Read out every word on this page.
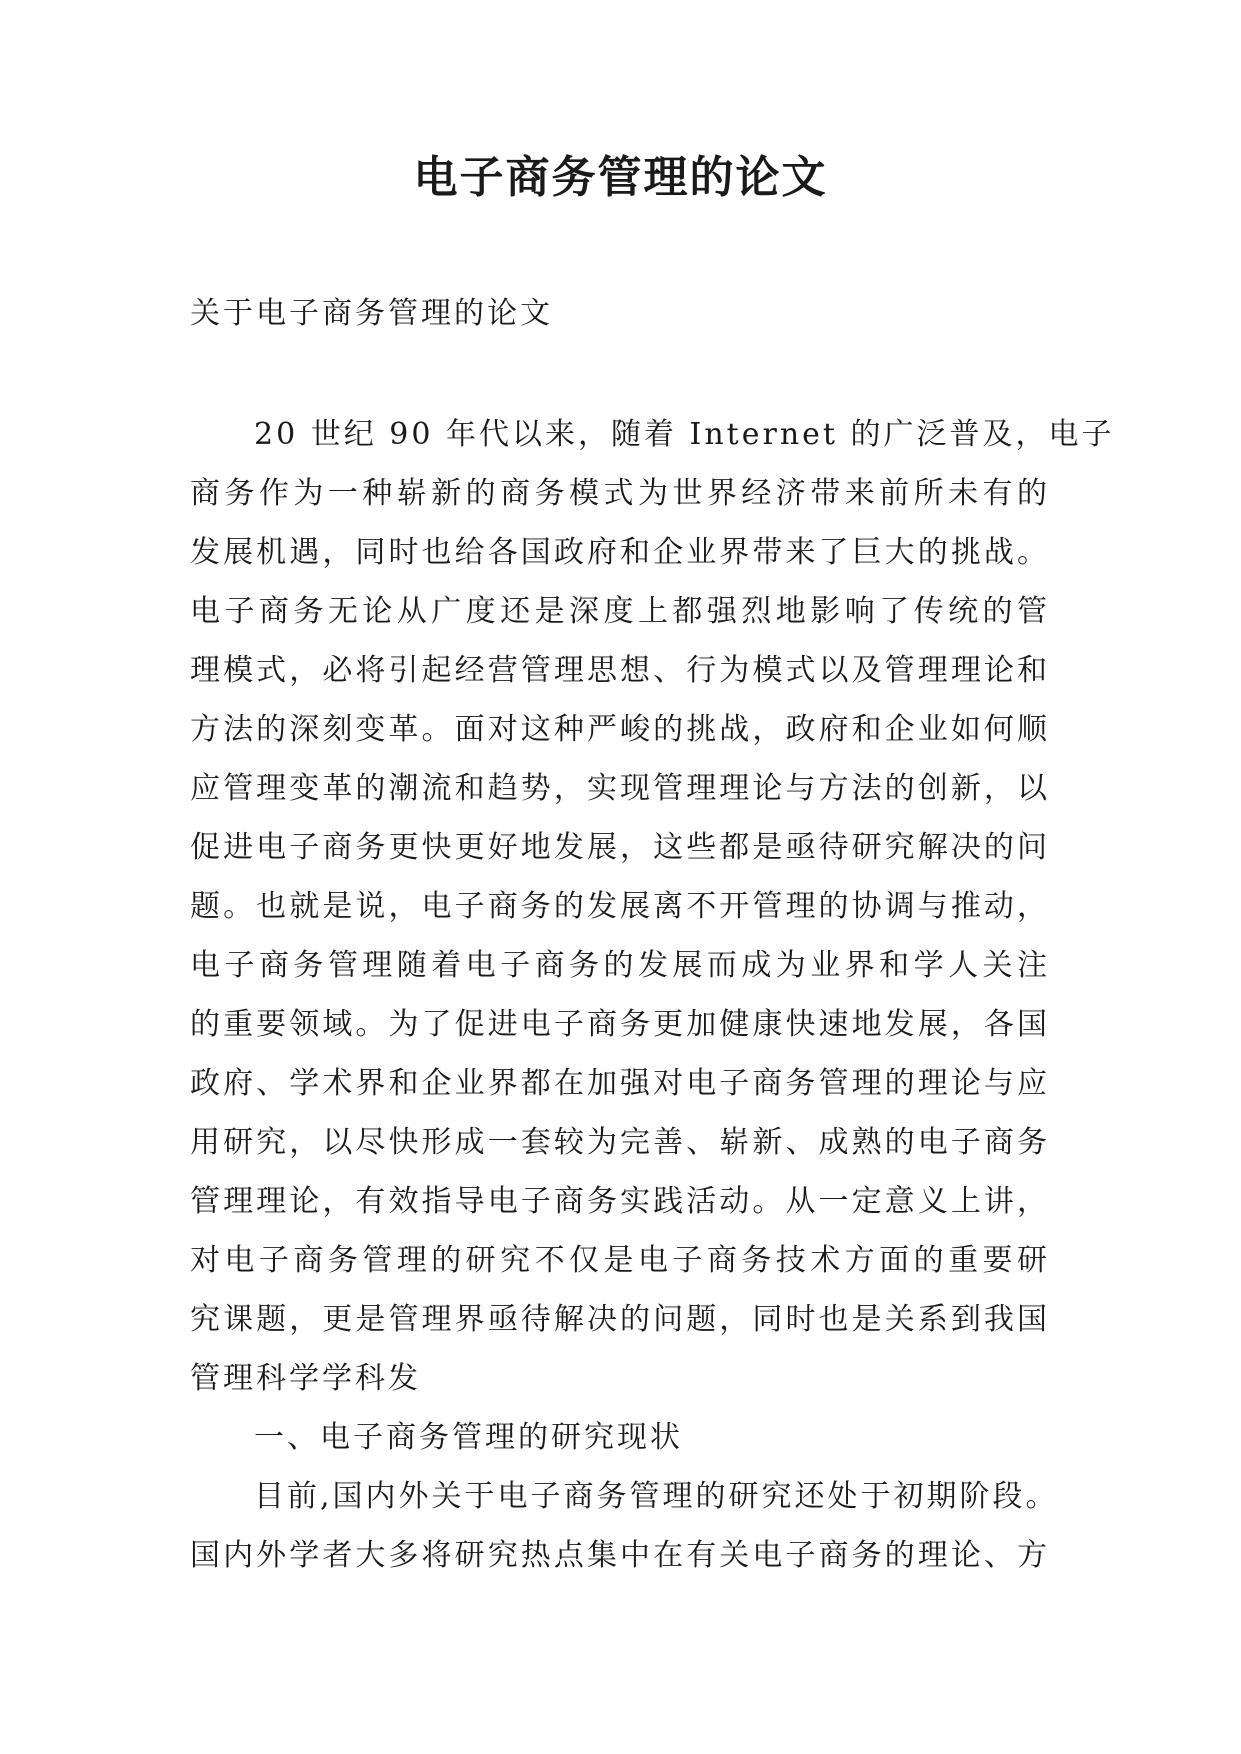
电子商务管理的论文

关于电子商务管理的论文

20 世纪 90 年代以来，随着 Internet 的广泛普及，电子
商务作为一种崭新的商务模式为世界经济带来前所未有的
发展机遇，同时也给各国政府和企业界带来了巨大的挑战。
电子商务无论从广度还是深度上都强烈地影响了传统的管
理模式，必将引起经营管理思想、行为模式以及管理理论和
方法的深刻变革。面对这种严峻的挑战，政府和企业如何顺
应管理变革的潮流和趋势，实现管理理论与方法的创新，以
促进电子商务更快更好地发展，这些都是亟待研究解决的问
题。也就是说，电子商务的发展离不开管理的协调与推动，
电子商务管理随着电子商务的发展而成为业界和学人关注
的重要领域。为了促进电子商务更加健康快速地发展，各国
政府、学术界和企业界都在加强对电子商务管理的理论与应
用研究，以尽快形成一套较为完善、崭新、成熟的电子商务
管理理论，有效指导电子商务实践活动。从一定意义上讲，
对电子商务管理的研究不仅是电子商务技术方面的重要研
究课题，更是管理界亟待解决的问题，同时也是关系到我国
管理科学学科发
一、电子商务管理的研究现状
目前,国内外关于电子商务管理的研究还处于初期阶段。
国内外学者大多将研究热点集中在有关电子商务的理论、方
